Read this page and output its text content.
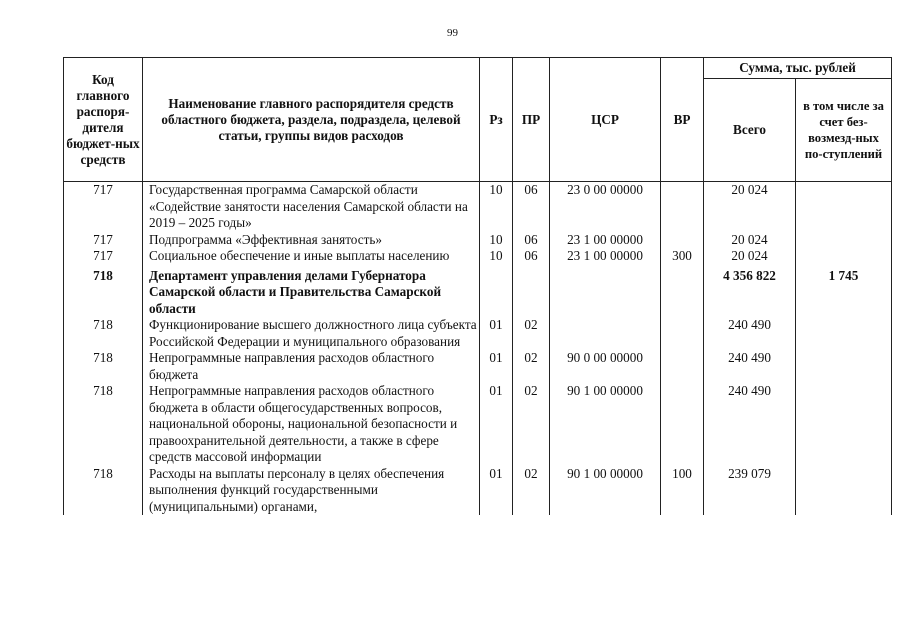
99
Код главного распоря-дителя бюджет-ных средств	Наименование главного распорядителя средств областного бюджета, раздела, подраздела, целевой статьи, группы видов расходов	Рз	ПР	ЦСР	ВР	Сумма, тыс. рублей	
						Всего	в том числе за счет без-возмезд-ных по-ступлений
717	Государственная программа Самарской области «Содействие занятости населения Самарской области на 2019 – 2025 годы»	10	06	23 0 00 00000		20 024	
717	Подпрограмма «Эффективная занятость»	10	06	23 1 00 00000		20 024	
717	Социальное обеспечение и иные выплаты населению	10	06	23 1 00 00000	300	20 024	

718	Департамент управления делами Губернатора Самарской области и Правительства Самарской области					4 356 822	1 745
718	Функционирование высшего должностного лица субъекта Российской Федерации и муниципального образования	01	02			240 490	
718	Непрограммные направления расходов областного бюджета	01	02	90 0 00 00000		240 490	
718	Непрограммные направления расходов областного бюджета в области общегосударственных вопросов, национальной обороны, национальной безопасности и правоохранительной деятельности, а также в сфере средств массовой информации	01	02	90 1 00 00000		240 490	
718	Расходы на выплаты персоналу в целях обеспечения выполнения функций государственными (муниципальными) органами,	01	02	90 1 00 00000	100	239 079	
